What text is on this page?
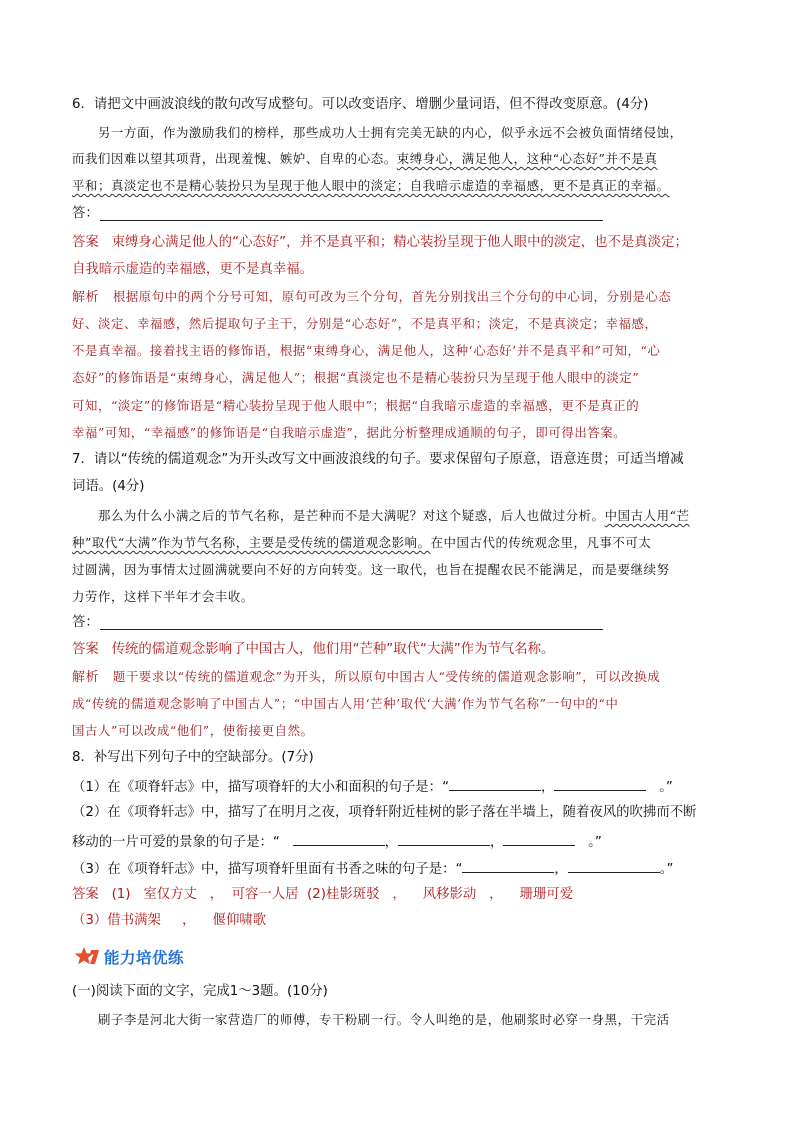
6．请把文中画波浪线的散句改写成整句。可以改变语序、增删少量词语，但不得改变原意。(4分)
另一方面，作为激励我们的榜样，那些成功人士拥有完美无缺的内心，似乎永远不会被负面情绪侵蚀，
而我们因难以望其项背，出现羞愧、嫉妒、自卑的心态。束缚身心，满足他人，这种“心态好”并不是真
平和；真淡定也不是精心装扮只为呈现于他人眼中的淡定；自我暗示虚造的幸福感，更不是真正的幸福。
答：
答案 束缚身心满足他人的“心态好”，并不是真平和；精心装扮呈现于他人眼中的淡定，也不是真淡定；
自我暗示虚造的幸福感，更不是真幸福。
解析 根据原句中的两个分号可知，原句可改为三个分句，首先分别找出三个分句的中心词，分别是心态
好、淡定、幸福感，然后提取句子主干，分别是“心态好”，不是真平和；淡定，不是真淡定；幸福感，
不是真幸福。接着找主语的修饰语，根据“束缚身心，满足他人，这种‘心态好’并不是真平和”可知，“心
态好”的修饰语是“束缚身心，满足他人”；根据“真淡定也不是精心装扮只为呈现于他人眼中的淡定”
可知，“淡定”的修饰语是“精心装扮呈现于他人眼中”；根据“自我暗示虚造的幸福感，更不是真正的
幸福”可知，“幸福感”的修饰语是“自我暗示虚造”，据此分析整理成通顺的句子，即可得出答案。
7．请以“传统的儒道观念”为开头改写文中画波浪线的句子。要求保留句子原意，语意连贯；可适当增减
词语。(4分)
那么为什么小满之后的节气名称，是芒种而不是大满呢？对这个疑惑，后人也做过分析。中国古人用“芒
种”取代“大满”作为节气名称，主要是受传统的儒道观念影响。在中国古代的传统观念里，凡事不可太
过圆满，因为事情太过圆满就要向不好的方向转变。这一取代，也旨在提醒农民不能满足，而是要继续努
力劳作，这样下半年才会丰收。
答：
答案 传统的儒道观念影响了中国古人，他们用“芒种”取代“大满”作为节气名称。
解析 题干要求以“传统的儒道观念”为开头，所以原句中国古人“受传统的儒道观念影响”，可以改换成
成“传统的儒道观念影响了中国古人”；“中国古人用‘芒种’取代‘大满’作为节气名称”一句中的“中
国古人”可以改成“他们”，使衔接更自然。
8．补写出下列句子中的空缺部分。(7分)
（1）在《项脊轩志》中，描写项脊轩的大小和面积的句子是：“	，	。”
（2）在《项脊轩志》中，描写了在明月之夜，项脊轩附近桂树的影子落在半墙上，随着夜风的吹拂而不断
移动的一片可爱的景象的句子是：“	，	，	。”
（3）在《项脊轩志》中，描写项脊轩里面有书香之味的句子是：“	，	。”
答案 (1) 室仅方丈 ， 可容一人居 (2)桂影斑驳 ， 风移影动 ， 珊珊可爱
（3）借书满架 ， 偃仰啸歌
能力培优练
(一)阅读下面的文字，完成1～3题。(10分)
刷子李是河北大街一家营造厂的师傅，专干粉刷一行。令人叫绝的是，他刷浆时必穿一身黑，干完活
